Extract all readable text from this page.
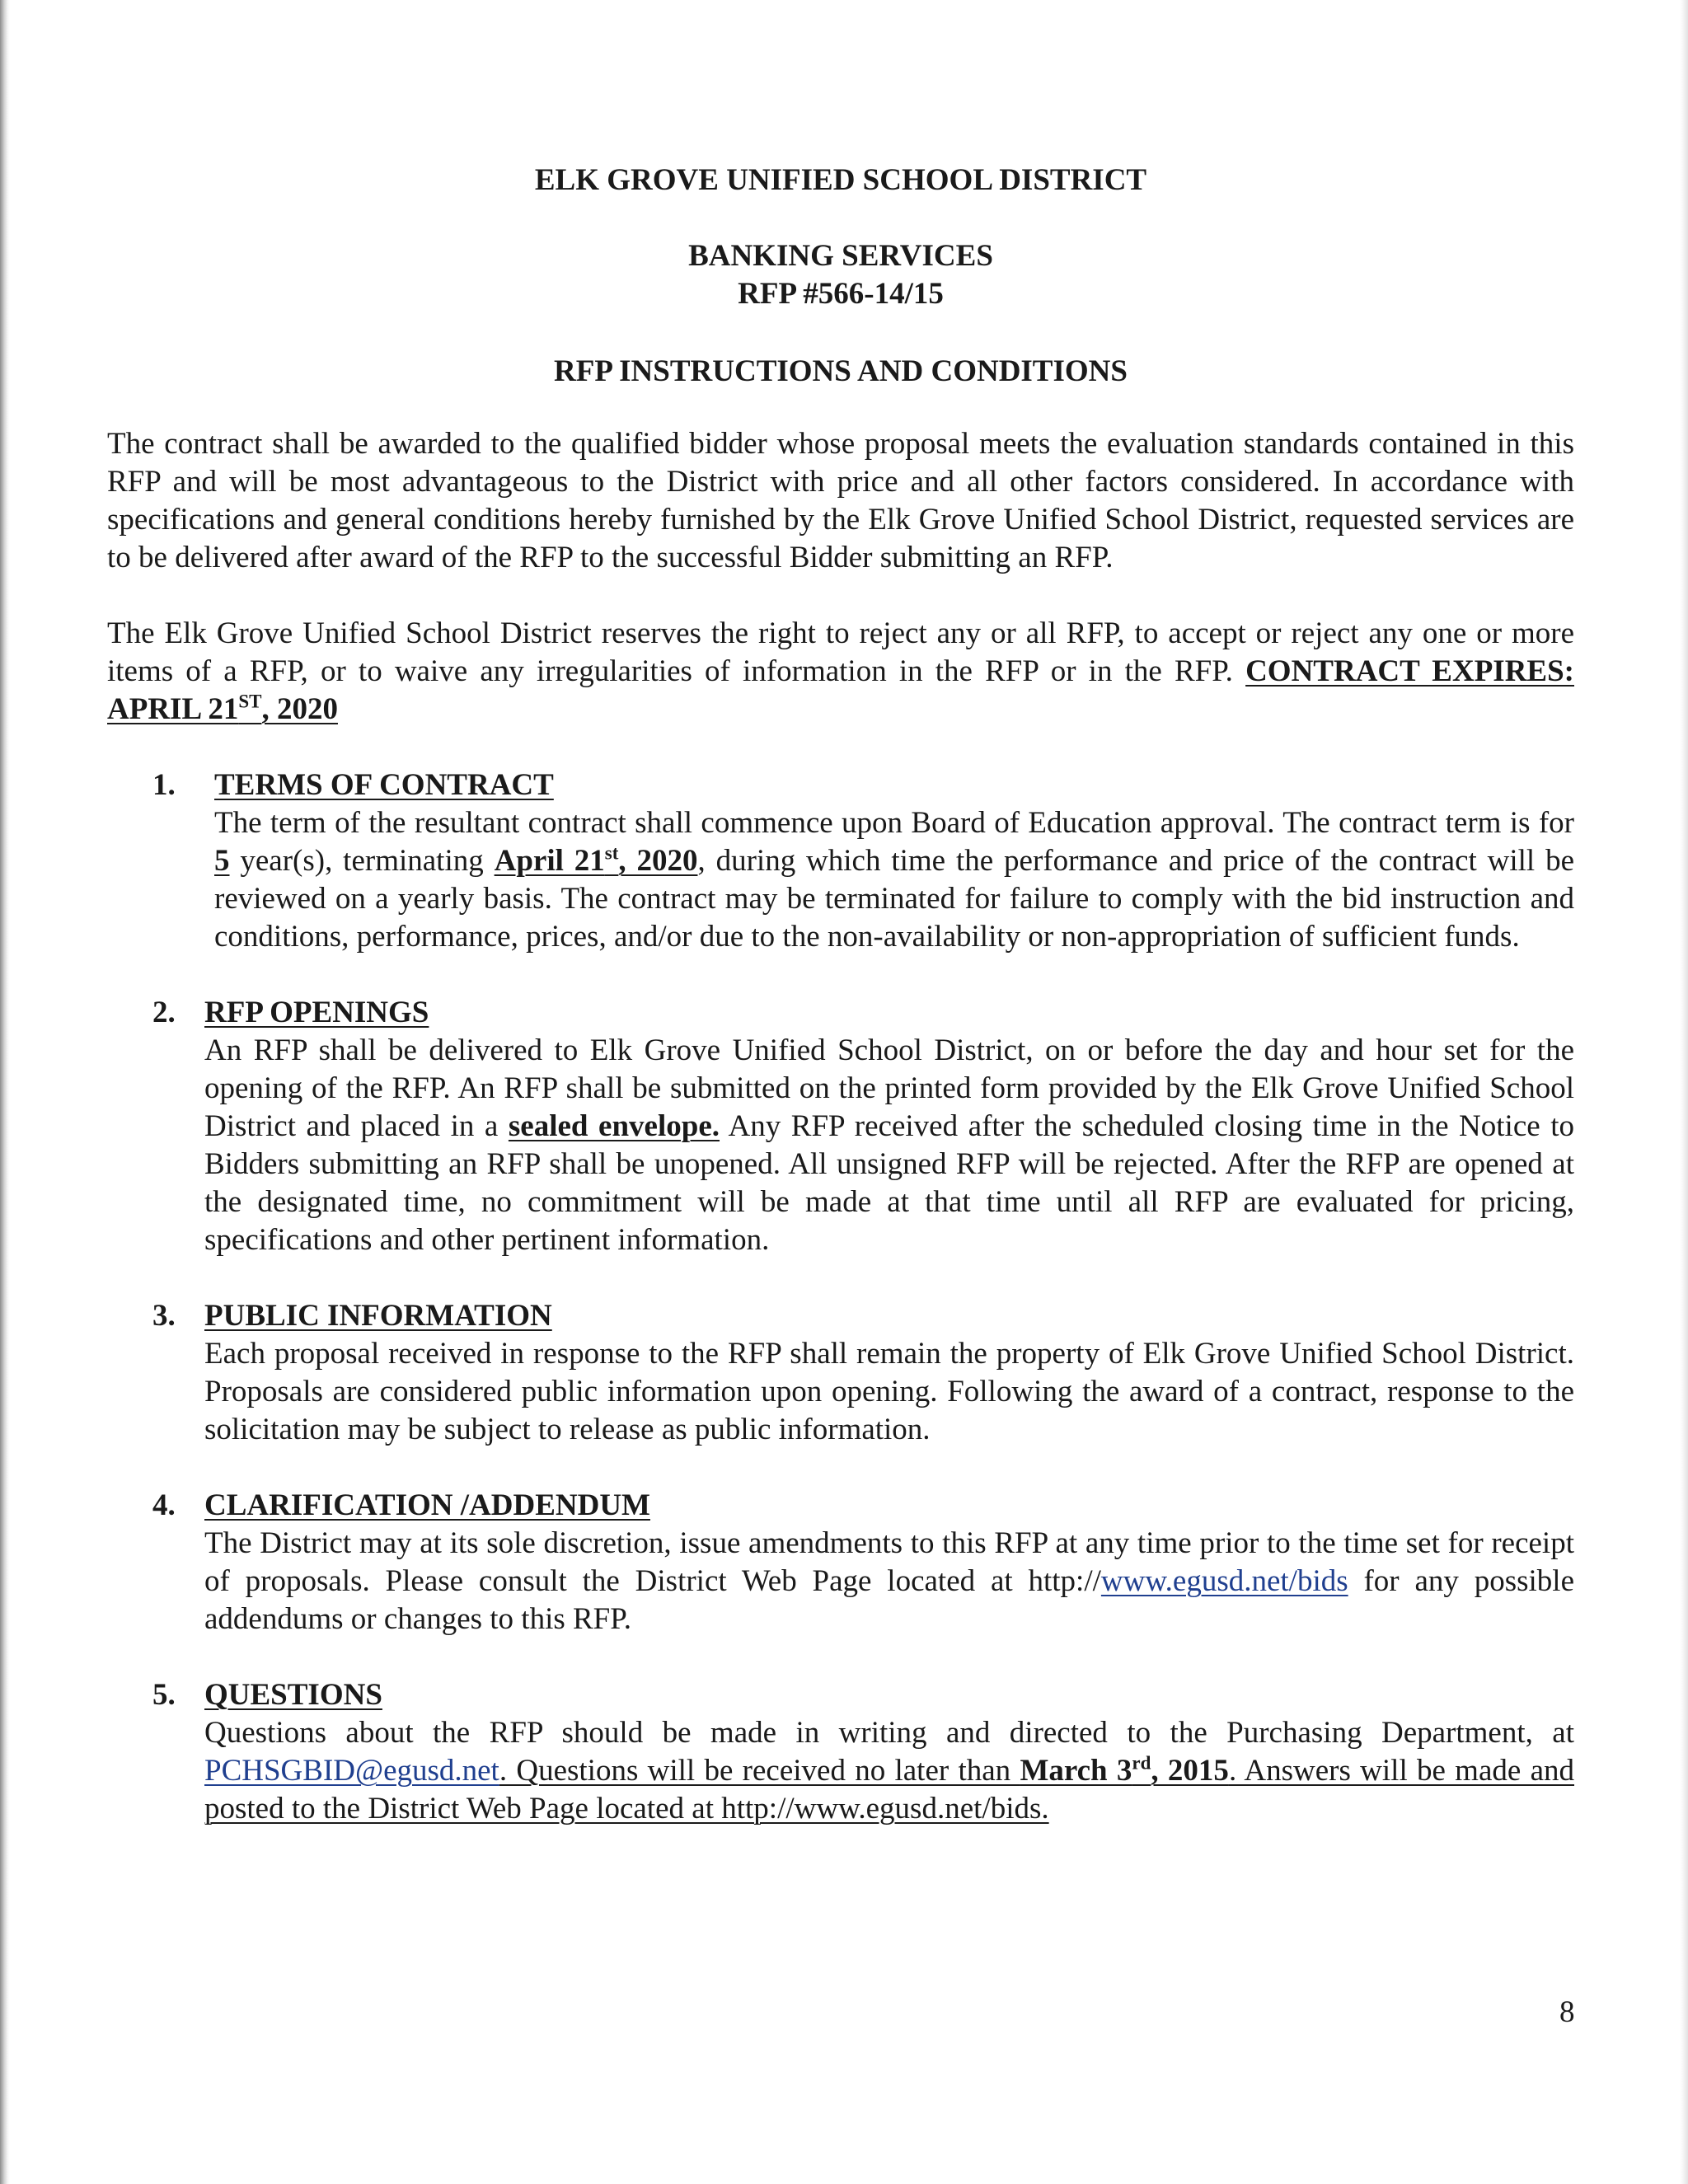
ELK GROVE UNIFIED SCHOOL DISTRICT
BANKING SERVICES
RFP #566-14/15
RFP INSTRUCTIONS AND CONDITIONS

The contract shall be awarded to the qualified bidder whose proposal meets the evaluation standards contained in this RFP and will be most advantageous to the District with price and all other factors considered. In accordance with specifications and general conditions hereby furnished by the Elk Grove Unified School District, requested services are to be delivered after award of the RFP to the successful Bidder submitting an RFP.

The Elk Grove Unified School District reserves the right to reject any or all RFP, to accept or reject any one or more items of a RFP, or to waive any irregularities of information in the RFP or in the RFP. CONTRACT EXPIRES: APRIL 21ST, 2020

1. TERMS OF CONTRACT
The term of the resultant contract shall commence upon Board of Education approval. The contract term is for 5 year(s), terminating April 21st, 2020, during which time the performance and price of the contract will be reviewed on a yearly basis. The contract may be terminated for failure to comply with the bid instruction and conditions, performance, prices, and/or due to the non-availability or non-appropriation of sufficient funds.
2. RFP OPENINGS
An RFP shall be delivered to Elk Grove Unified School District, on or before the day and hour set for the opening of the RFP. An RFP shall be submitted on the printed form provided by the Elk Grove Unified School District and placed in a sealed envelope. Any RFP received after the scheduled closing time in the Notice to Bidders submitting an RFP shall be unopened. All unsigned RFP will be rejected. After the RFP are opened at the designated time, no commitment will be made at that time until all RFP are evaluated for pricing, specifications and other pertinent information.
3. PUBLIC INFORMATION
Each proposal received in response to the RFP shall remain the property of Elk Grove Unified School District. Proposals are considered public information upon opening. Following the award of a contract, response to the solicitation may be subject to release as public information.
4. CLARIFICATION /ADDENDUM
The District may at its sole discretion, issue amendments to this RFP at any time prior to the time set for receipt of proposals. Please consult the District Web Page located at http://www.egusd.net/bids for any possible addendums or changes to this RFP.
5. QUESTIONS
Questions about the RFP should be made in writing and directed to the Purchasing Department, at PCHSGBID@egusd.net. Questions will be received no later than March 3rd, 2015. Answers will be made and posted to the District Web Page located at http://www.egusd.net/bids.
8
